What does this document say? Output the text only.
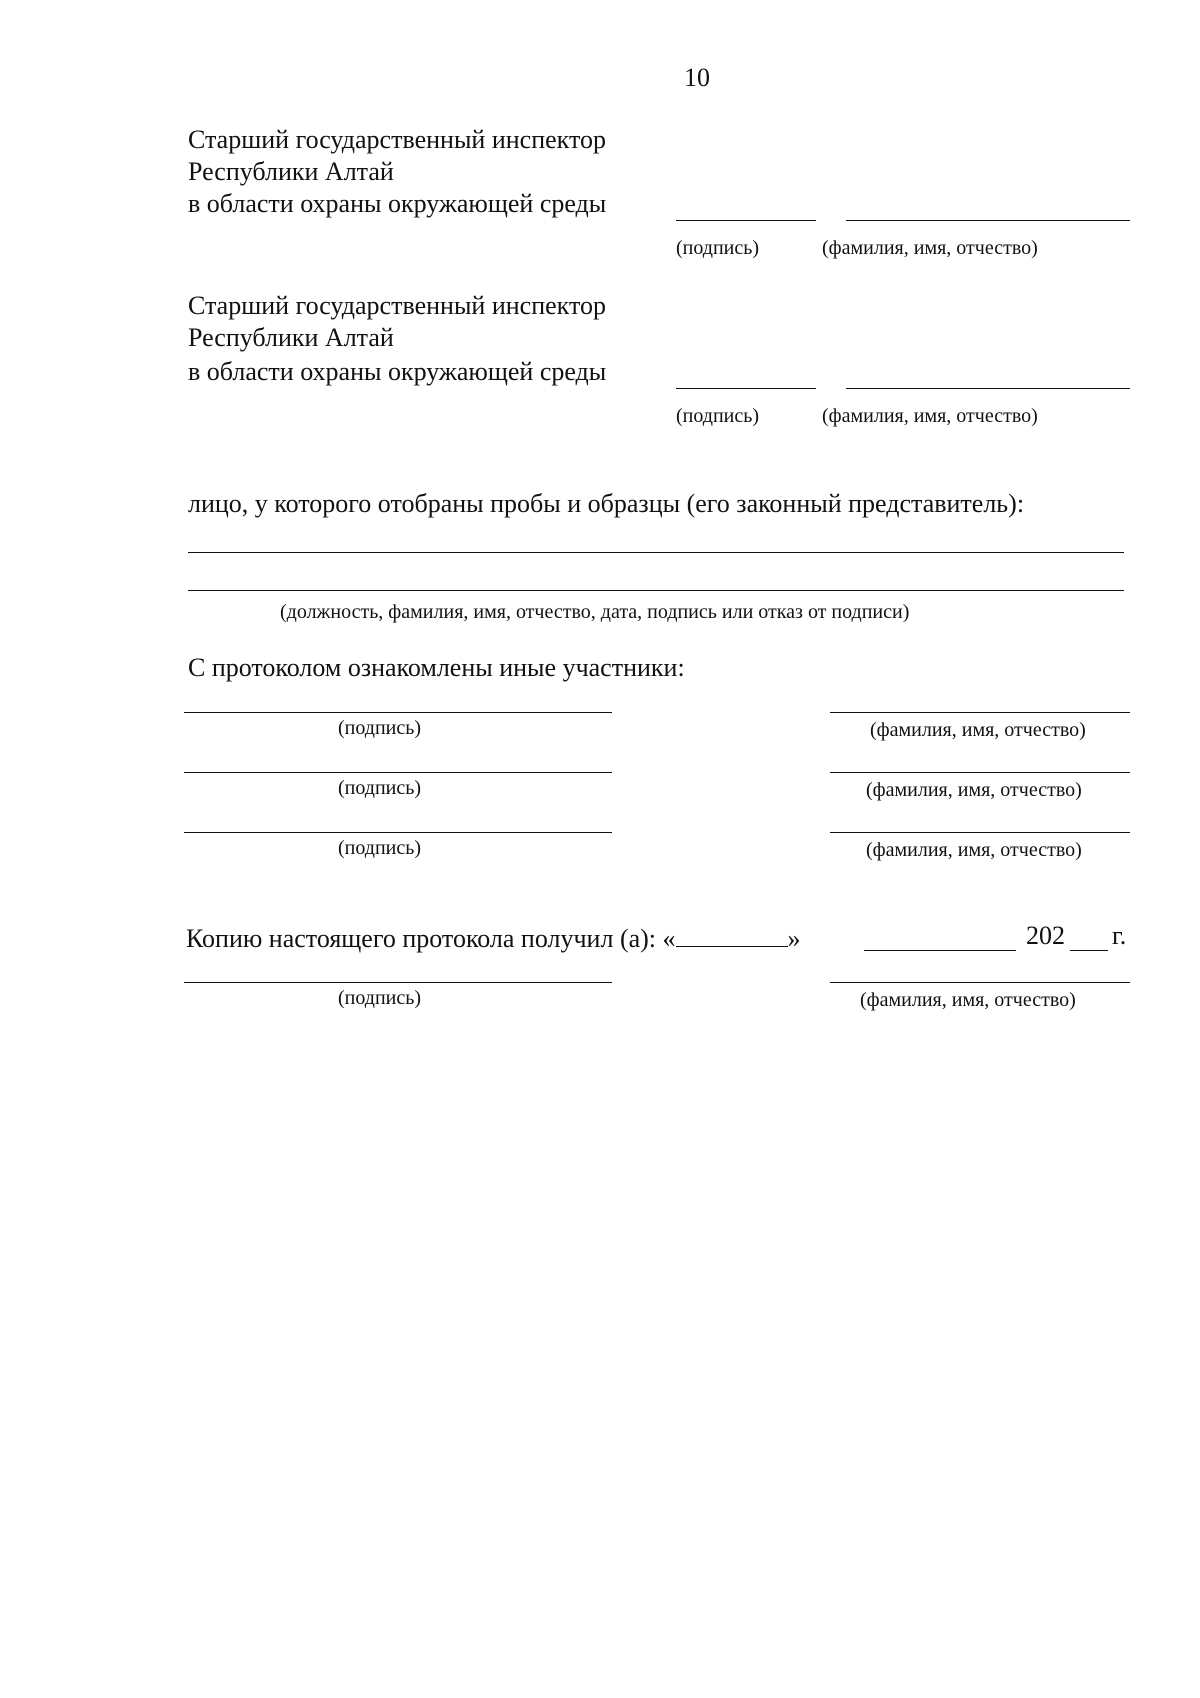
10
Старший государственный инспектор
Республики Алтай
в области охраны окружающей среды
(подпись)	(фамилия, имя, отчество)
Старший государственный инспектор
Республики Алтай
в области охраны окружающей среды
(подпись)	(фамилия, имя, отчество)
лицо, у которого отобраны пробы и образцы (его законный представитель):
(должность, фамилия, имя, отчество, дата, подпись или отказ от подписи)
С протоколом ознакомлены иные участники:
(подпись)	(фамилия, имя, отчество)
(подпись)	(фамилия, имя, отчество)
(подпись)	(фамилия, имя, отчество)
Копию настоящего протокола получил (а): «	»	202 г.
(подпись)	(фамилия, имя, отчество)
